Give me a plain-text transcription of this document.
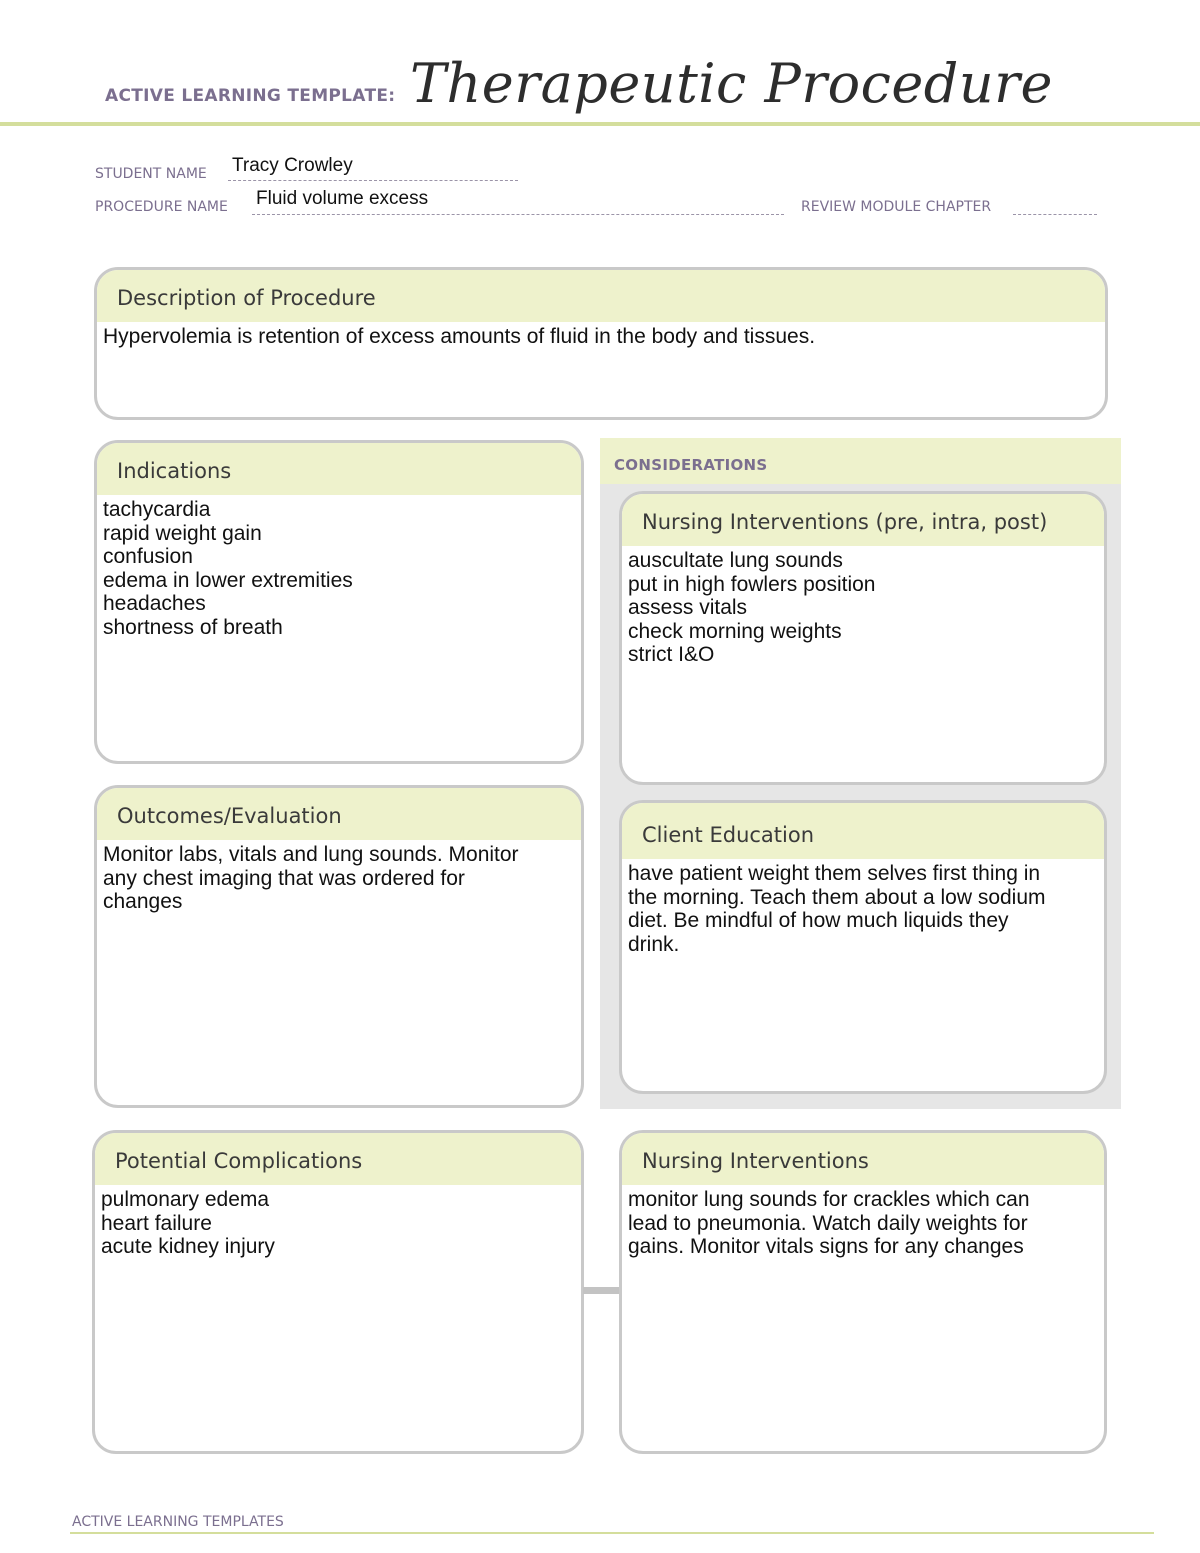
ACTIVE LEARNING TEMPLATE: Therapeutic Procedure
STUDENT NAME Tracy Crowley
PROCEDURE NAME Fluid volume excess	REVIEW MODULE CHAPTER
Description of Procedure
Hypervolemia is retention of excess amounts of fluid in the body and tissues.
Indications
tachycardia
rapid weight gain
confusion
edema in lower extremities
headaches
shortness of breath
CONSIDERATIONS
Nursing Interventions (pre, intra, post)
auscultate lung sounds
put in high fowlers position
assess vitals
check morning weights
strict I&O
Outcomes/Evaluation
Monitor labs, vitals and lung sounds. Monitor
any chest imaging that was ordered for
changes
Client Education
have patient weight them selves first thing in
the morning. Teach them about a low sodium
diet. Be mindful of how much liquids they
drink.
Potential Complications
pulmonary edema
heart failure
acute kidney injury
Nursing Interventions
monitor lung sounds for crackles which can
lead to pneumonia. Watch daily weights for
gains. Monitor vitals signs for any changes
ACTIVE LEARNING TEMPLATES
